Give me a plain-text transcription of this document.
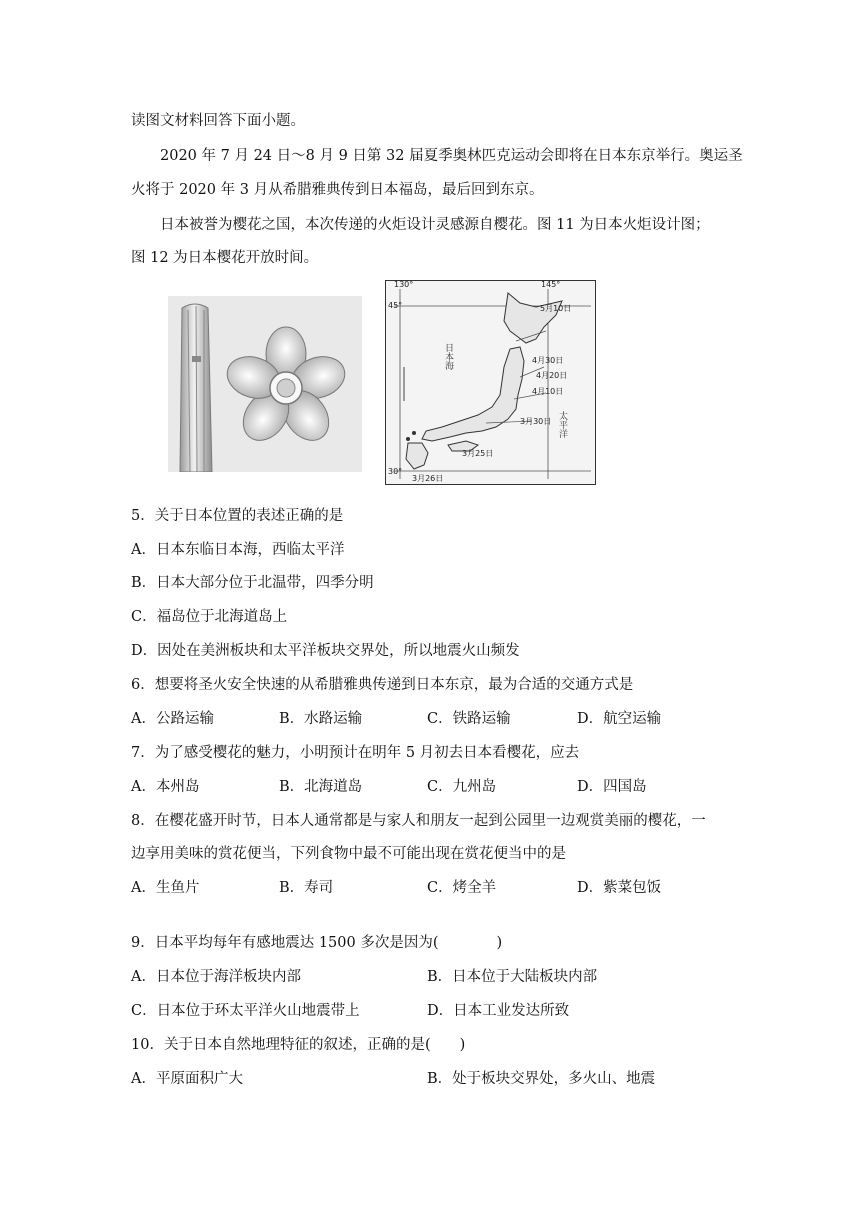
读图文材料回答下面小题。
2020 年 7 月 24 日～8 月 9 日第 32 届夏季奥林匹克运动会即将在日本东京举行。奥运圣
火将于 2020 年 3 月从希腊雅典传到日本福岛，最后回到东京。
日本被誉为樱花之国，本次传递的火炬设计灵感源自樱花。图 11 为日本火炬设计图；
图 12 为日本樱花开放时间。
130°	145°
45°
30°
日本海
太平洋
5月10日
4月30日
4月20日
4月10日
3月30日
3月25日
3月26日
5．关于日本位置的表述正确的是
A．日本东临日本海，西临太平洋
B．日本大部分位于北温带，四季分明
C．福岛位于北海道岛上
D．因处在美洲板块和太平洋板块交界处，所以地震火山频发
6．想要将圣火安全快速的从希腊雅典传递到日本东京，最为合适的交通方式是
A．公路运输	B．水路运输	C．铁路运输	D．航空运输
7．为了感受樱花的魅力，小明预计在明年 5 月初去日本看樱花，应去
A．本州岛	B．北海道岛	C．九州岛	D．四国岛
8．在樱花盛开时节，日本人通常都是与家人和朋友一起到公园里一边观赏美丽的樱花，一
边享用美味的赏花便当，下列食物中最不可能出现在赏花便当中的是
A．生鱼片	B．寿司	C．烤全羊	D．紫菜包饭
9．日本平均每年有感地震达 1500 多次是因为(　　　　)
A．日本位于海洋板块内部	B．日本位于大陆板块内部
C．日本位于环太平洋火山地震带上	D．日本工业发达所致
10．关于日本自然地理特征的叙述，正确的是(　　)
A．平原面积广大	B．处于板块交界处，多火山、地震
